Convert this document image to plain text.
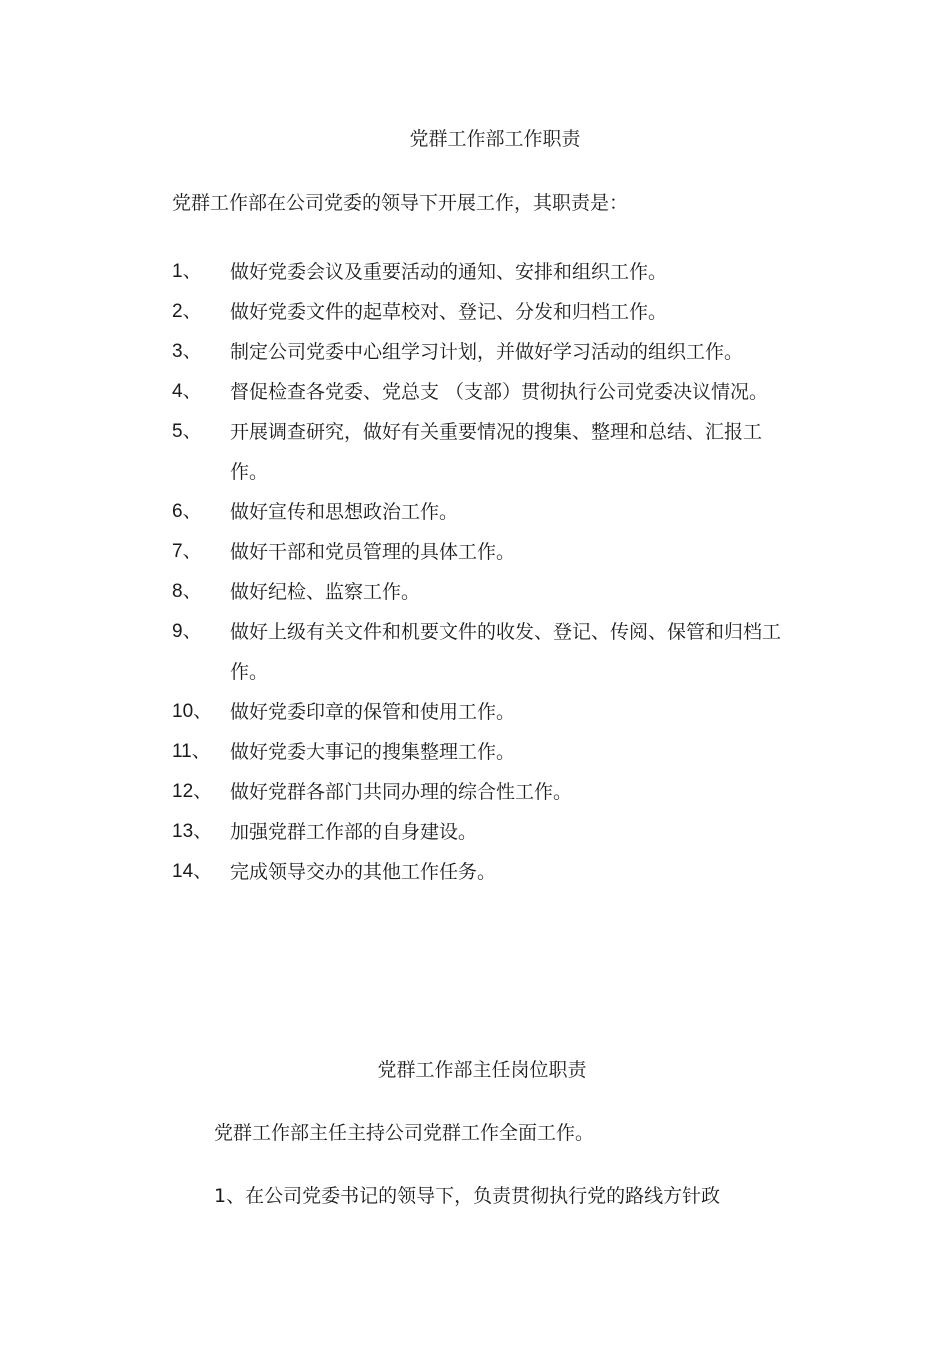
党群工作部工作职责
党群工作部在公司党委的领导下开展工作，其职责是：
1、	做好党委会议及重要活动的通知、安排和组织工作。
2、	做好党委文件的起草校对、登记、分发和归档工作。
3、	制定公司党委中心组学习计划，并做好学习活动的组织工作。
4、	督促检查各党委、党总支 （支部）贯彻执行公司党委决议情况。
5、	开展调查研究，做好有关重要情况的搜集、整理和总结、汇报工作。
6、	做好宣传和思想政治工作。
7、	做好干部和党员管理的具体工作。
8、	做好纪检、监察工作。
9、	做好上级有关文件和机要文件的收发、登记、传阅、保管和归档工作。
10、 做好党委印章的保管和使用工作。
11、	做好党委大事记的搜集整理工作。
12、 做好党群各部门共同办理的综合性工作。
13、 加强党群工作部的自身建设。
14、 完成领导交办的其他工作任务。
党群工作部主任岗位职责
党群工作部主任主持公司党群工作全面工作。
1、在公司党委书记的领导下，负责贯彻执行党的路线方针政
